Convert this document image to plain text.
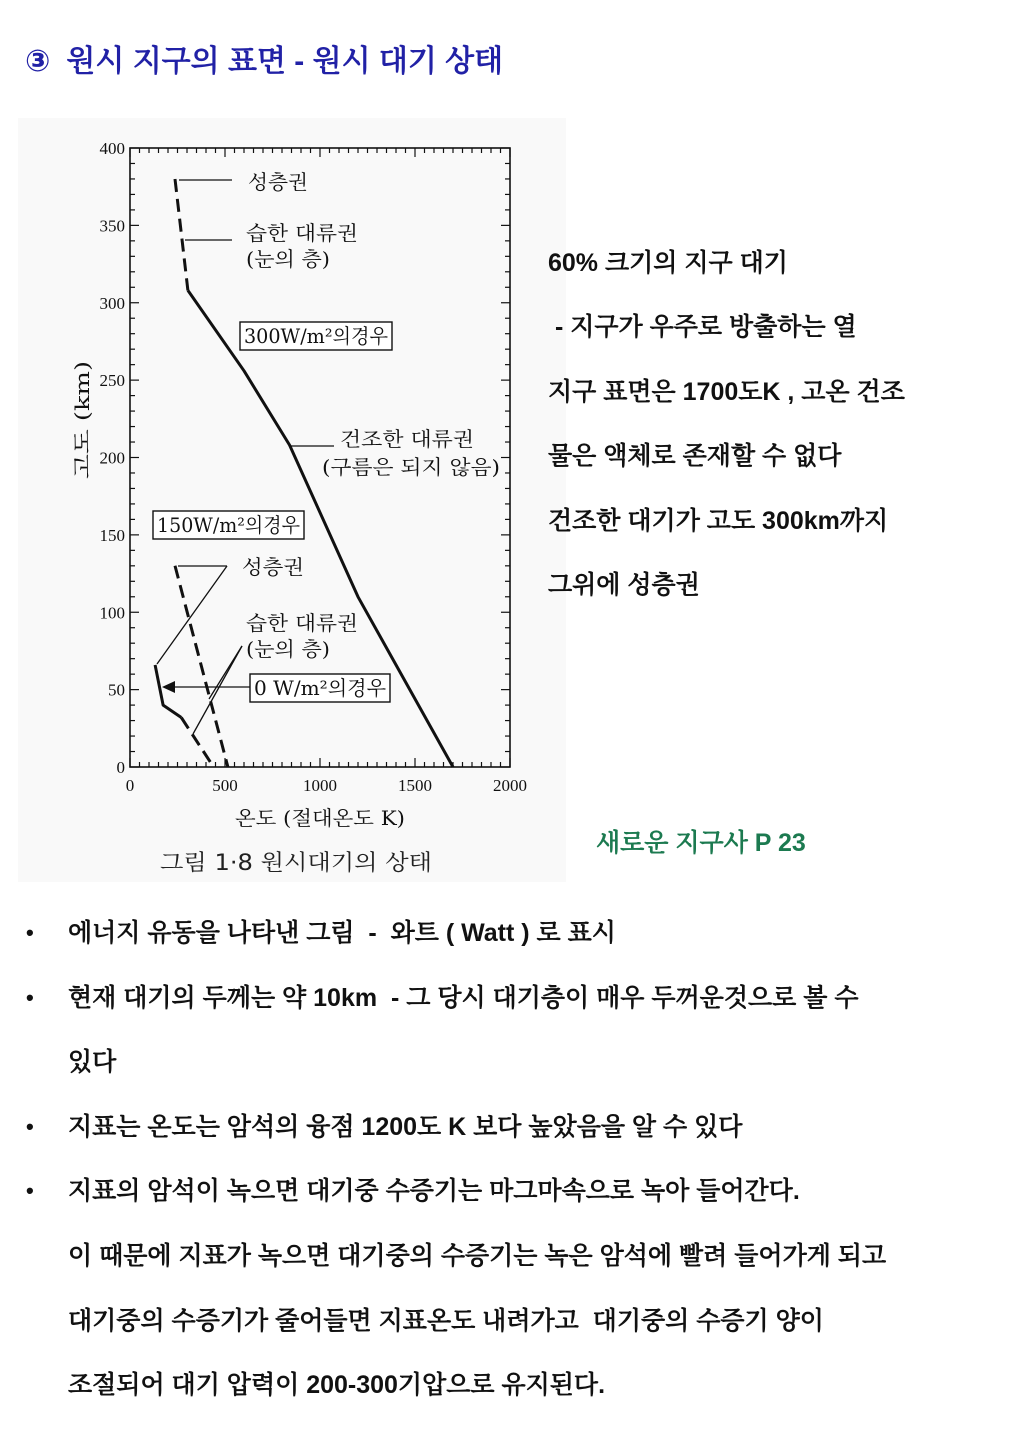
③ 원시 지구의 표면 - 원시 대기 상태
0	500	1000	1500	2000
0
50
100
150
200
250
300
350
400
성층권
습한 대류권
(눈의 층)
건조한 대류권
(구름은 되지 않음)
성층권
습한 대류권
(눈의 층)
300W/m²의경우
150W/m²의경우
0 W/m²의경우
고도 (km)
온도 (절대온도 K)
그림 1·8 원시대기의 상태
60% 크기의 지구 대기
- 지구가 우주로 방출하는 열
지구 표면은 1700도K , 고온 건조
물은 액체로 존재할 수 없다
건조한 대기가 고도 300km까지
그위에 성층권
새로운 지구사 P 23
• 에너지 유동을 나타낸 그림  -  와트 ( Watt ) 로 표시
• 현재 대기의 두께는 약 10km  - 그 당시 대기층이 매우 두꺼운것으로 볼 수
있다
• 지표는 온도는 암석의 융점 1200도 K 보다 높았음을 알 수 있다
• 지표의 암석이 녹으면 대기중 수증기는 마그마속으로 녹아 들어간다.
이 때문에 지표가 녹으면 대기중의 수증기는 녹은 암석에 빨려 들어가게 되고
대기중의 수증기가 줄어들면 지표온도 내려가고  대기중의 수증기 양이
조절되어 대기 압력이 200-300기압으로 유지된다.
